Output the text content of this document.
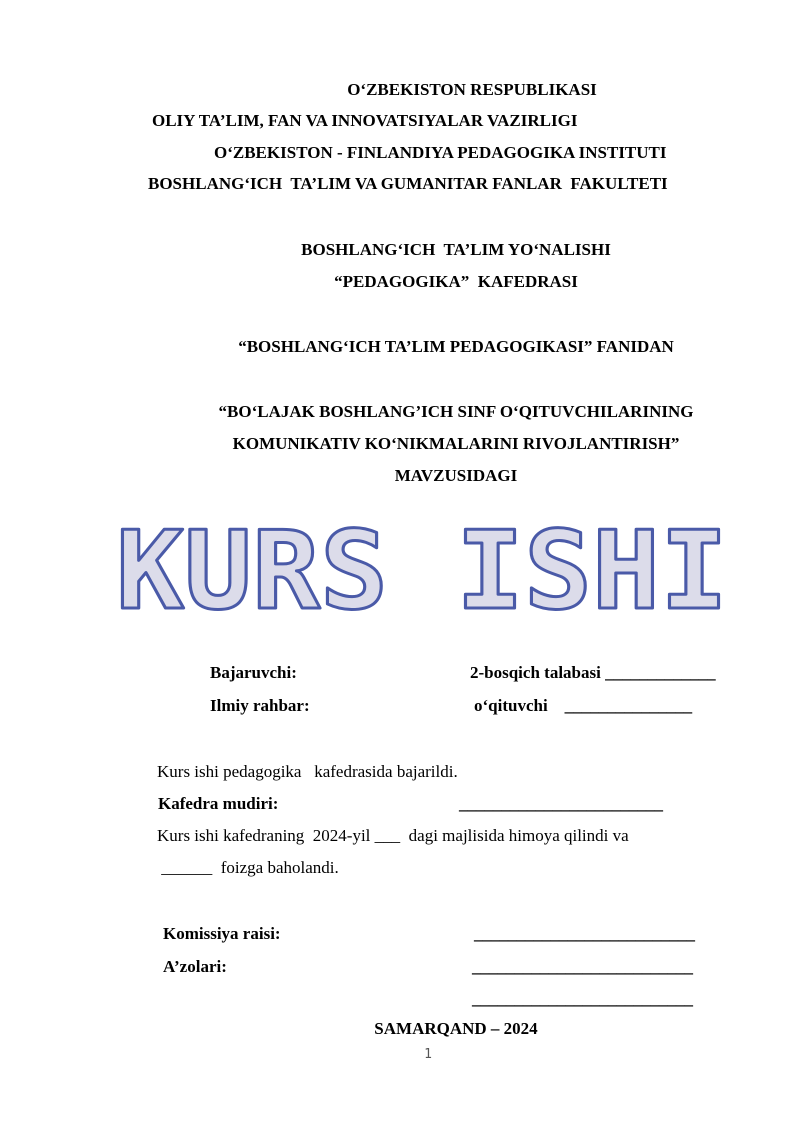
O‘ZBEKISTON RESPUBLIKASI
OLIY TA’LIM, FAN VA INNOVATSIYALAR VAZIRLIGI
O‘ZBEKISTON - FINLANDIYA PEDAGOGIKA INSTITUTI
BOSHLANG‘ICH  TA’LIM VA GUMANITAR FANLAR  FAKULTETI
BOSHLANG‘ICH  TA’LIM YO‘NALISHI
“PEDAGOGIKA”  KAFEDRASI
“BOSHLANG‘ICH TA’LIM PEDAGOGIKASI” FANIDAN
“BO‘LAJAK BOSHLANG’ICH SINF O‘QITUVCHILARINING
KOMUNIKATIV KO‘NIKMALARINI RIVOJLANTIRISH”
MAVZUSIDAGI
KURS ISHI
Bajaruvchi:	2-bosqich talabasi _____________
Ilmiy rahbar:	o‘qituvchi    _______________
Kurs ishi pedagogika   kafedrasida bajarildi.
Kafedra mudiri:	________________________
Kurs ishi kafedraning  2024-yil ___  dagi majlisida himoya qilindi va
______  foizga baholandi.
Komissiya raisi:	__________________________
A’zolari:	__________________________
__________________________
SAMARQAND – 2024
1
